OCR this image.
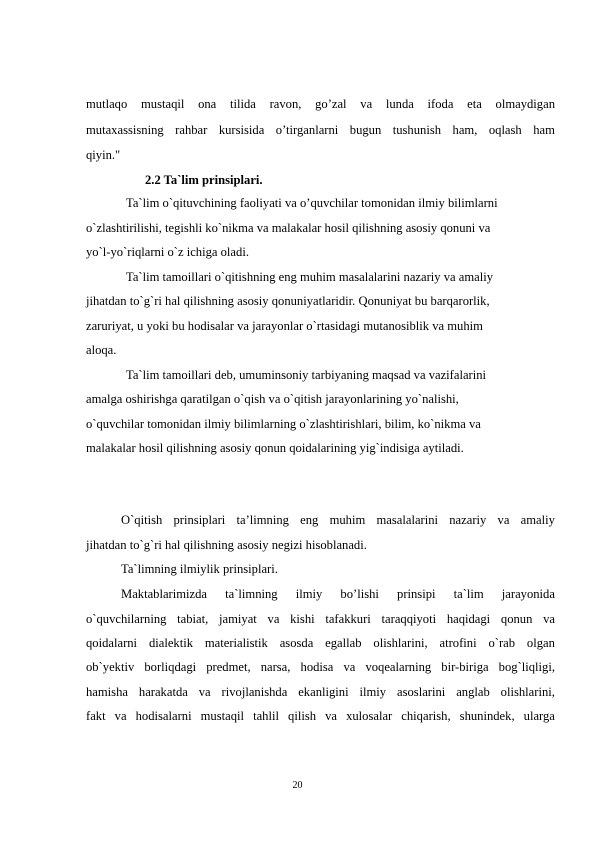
mutlaqo mustaqil ona tilida ravon, go’zal va lunda ifoda eta olmaydigan
mutaxassisning rahbar kursisida o’tirganlarni bugun tushunish ham, oqlash ham
qiyin."
2.2 Ta`lim prinsiplari.
Ta`lim o`qituvchining faoliyati va o’quvchilar tomonidan ilmiy bilimlarni
o`zlashtirilishi, tegishli ko`nikma va malakalar hosil qilishning asosiy qonuni va
yo`l-yo`riqlarni o`z ichiga oladi.
Ta`lim tamoillari o`qitishning eng muhim masalalarini nazariy va amaliy
jihatdan to`g`ri hal qilishning asosiy qonuniyatlaridir. Qonuniyat bu barqarorlik,
zaruriyat, u yoki bu hodisalar va jarayonlar o`rtasidagi mutanosiblik va muhim
aloqa.
Ta`lim tamoillari deb, umuminsoniy tarbiyaning maqsad va vazifalarini
amalga oshirishga qaratilgan o`qish va o`qitish jarayonlarining yo`nalishi,
o`quvchilar tomonidan ilmiy bilimlarning o`zlashtirishlari, bilim, ko`nikma va
malakalar hosil qilishning asosiy qonun qoidalarining yig`indisiga aytiladi.
O`qitish prinsiplari ta’limning eng muhim masalalarini nazariy va amaliy
jihatdan to`g`ri hal qilishning asosiy negizi hisoblanadi.
Ta`limning ilmiylik prinsiplari.
Maktablarimizda ta`limning ilmiy bo’lishi prinsipi ta`lim jarayonida
o`quvchilarning tabiat, jamiyat va kishi tafakkuri taraqqiyoti haqidagi qonun va
qoidalarni dialektik materialistik asosda egallab olishlarini, atrofini o`rab olgan
ob`yektiv borliqdagi predmet, narsa, hodisa va voqealarning bir-biriga bog`liqligi,
hamisha harakatda va rivojlanishda ekanligini ilmiy asoslarini anglab olishlarini,
fakt va hodisalarni mustaqil tahlil qilish va xulosalar chiqarish, shunindek, ularga
20
